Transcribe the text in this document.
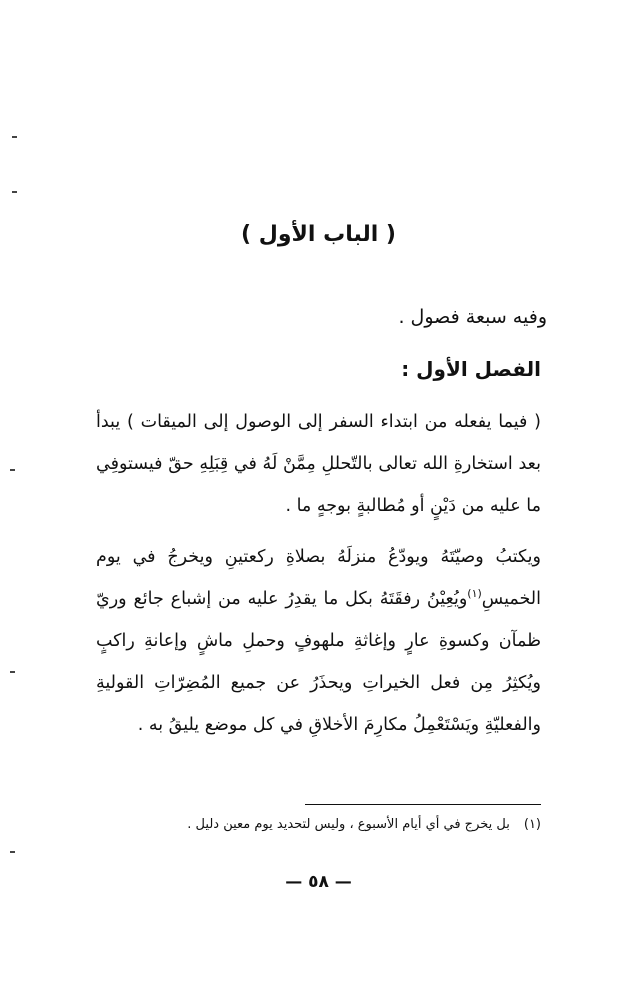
( الباب الأول )

وفيه سبعة فصول .

الفصل الأول :

( فيما يفعله من ابتداء السفر إلى الوصول إلى الميقات ) يبدأ بعد استخارةِ الله تعالى بالتّحللِ مِمَّنْ لَهُ في قِبَلِهِ حقّ فيستوفِي ما عليه من دَيْنٍ أو مُطالبةٍ بوجهٍ ما .

ويكتبُ وصيّتَهُ ويودّعُ منزلَهُ بصلاةِ ركعتينِ ويخرجُ في يوم الخميسِ$^{(١)}$ويُعِيْنُ رفقَتَهُ بكل ما يقدِرُ عليه من إشباع جائع وريّ ظمآن وكسوةِ عارٍ وإغاثةِ ملهوفٍ وحملِ ماشٍ وإعانةِ راكبٍ ويُكثِرُ مِن فعل الخيراتِ ويحذَرُ عن جميع المُضِرّاتِ القوليةِ والفعليّةِ ويَسْتَعْمِلُ مكارِمَ الأخلاقِ في كل موضع يليقُ به .

(١)بل يخرج في أي أيام الأسبوع ، وليس لتحديد يوم معين دليل .

— ٥٨ —
